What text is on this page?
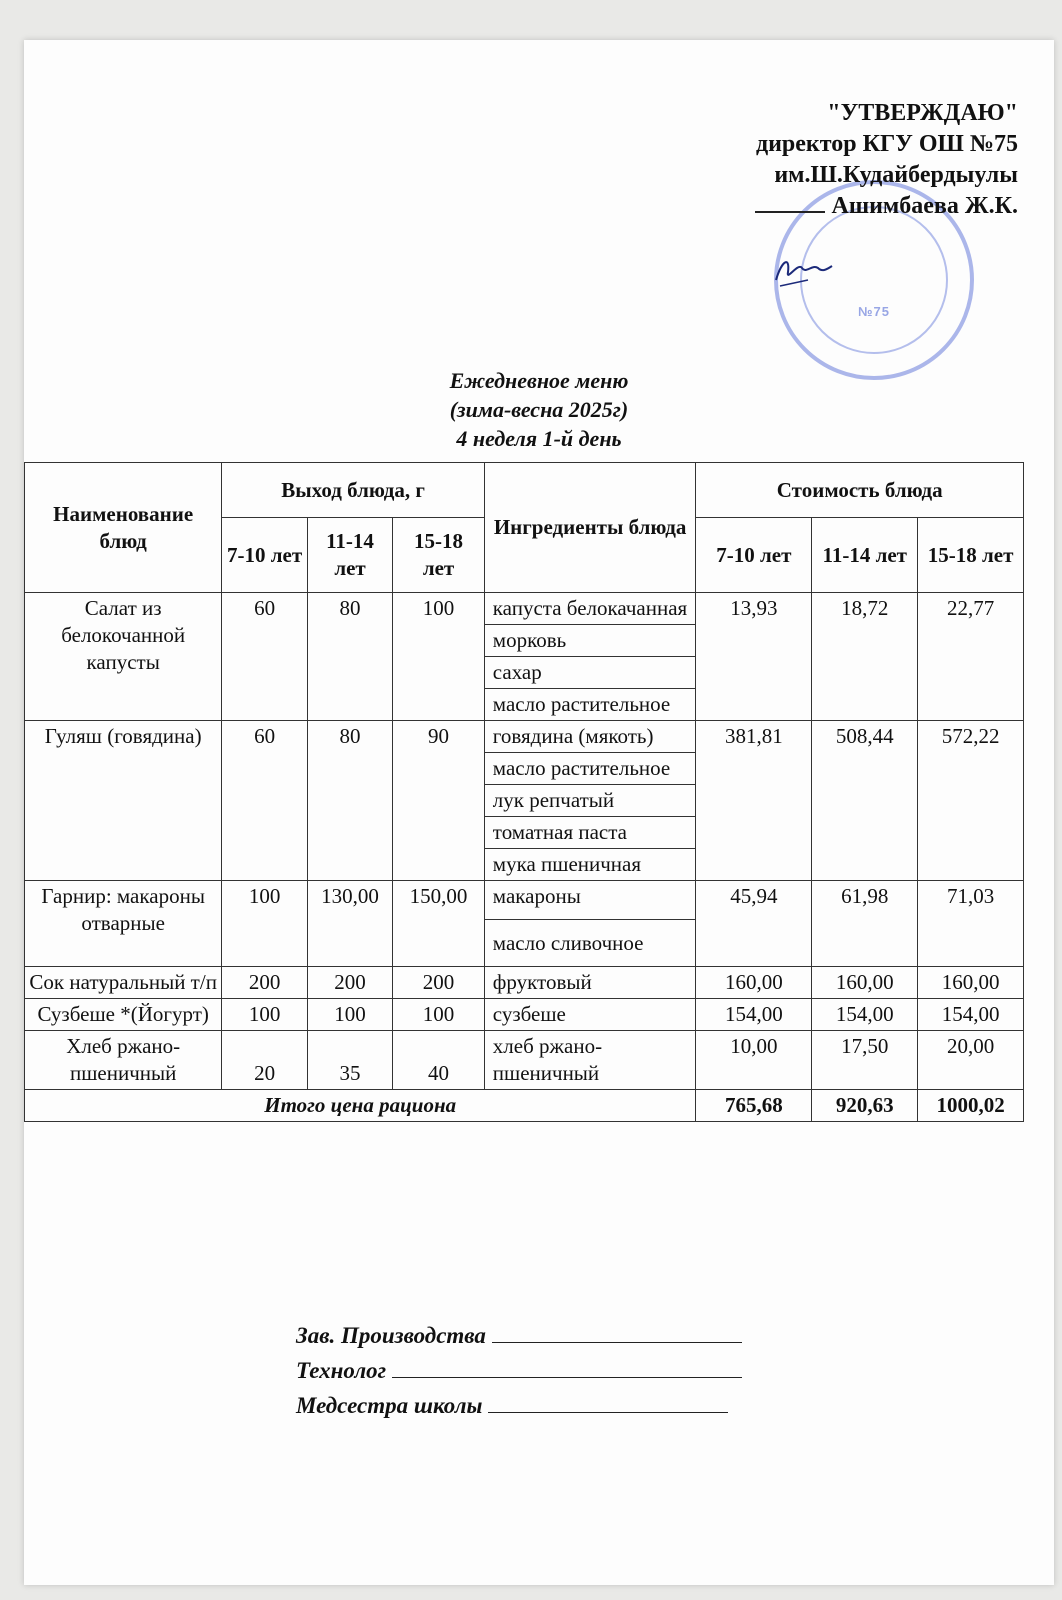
№75
"УТВЕРЖДАЮ"
директор КГУ ОШ №75
им.Ш.Кудайбердыулы
Ашимбаева Ж.К.
Ежедневное меню
(зима-весна 2025г)
4 неделя 1-й день
Наименование блюд	Выход блюда, г			Ингредиенты блюда	Стоимость блюда		
	7-10 лет	11-14 лет	15-18 лет		7-10 лет	11-14 лет	15-18 лет
Салат из белокочанной капусты	60	80	100	капуста белокачанная	13,93	18,72	22,77
				морковь			
				сахар			
				масло растительное			
Гуляш (говядина)	60	80	90	говядина (мякоть)	381,81	508,44	572,22
				масло растительное			
				лук репчатый			
				томатная паста			
				мука пшеничная			
Гарнир: макароны отварные	100	130,00	150,00	макароны	45,94	61,98	71,03
				масло сливочное			
Сок натуральный т/п	200	200	200	фруктовый	160,00	160,00	160,00
Сузбеше *(Йогурт)	100	100	100	сузбеше	154,00	154,00	154,00
Хлеб ржано-пшеничный	20	35	40	хлеб ржано-пшеничный	10,00	17,50	20,00
Итого цена рациона					765,68	920,63	1000,02
Зав. Производства
Технолог
Медсестра школы
